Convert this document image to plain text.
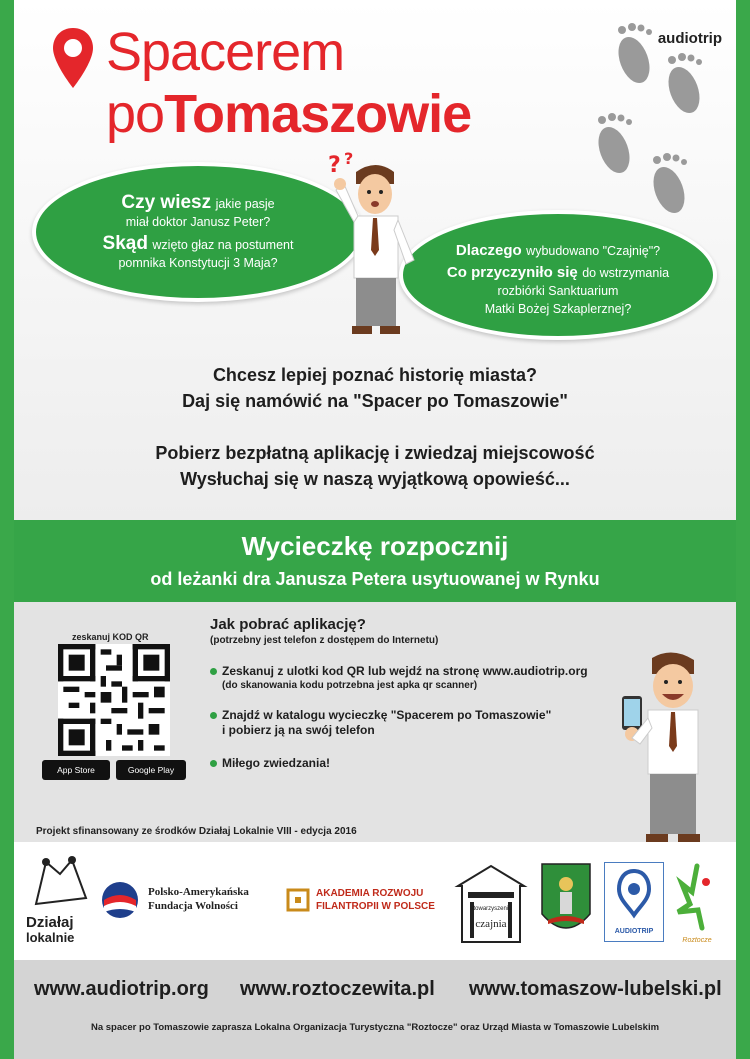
Spacerem
poTomaszowie
audiotrip

Czy wiesz jakie pasje

miał doktor Janusz Peter?

Skąd wzięto głaz na postument

pomnika Konstytucji 3 Maja?

Dlaczego wybudowano "Czajnię"?

Co przyczyniło się do wstrzymania

rozbiórki Sanktuarium

Matki Bożej Szkaplerznej?

? ?
Chcesz lepiej poznać historię miasta?
Daj się namówić na "Spacer po Tomaszowie"
Pobierz bezpłatną aplikację i zwiedzaj miejscowość
Wysłuchaj się w naszą wyjątkową opowieść...
Wycieczkę rozpocznij
od leżanki dra Janusza Petera usytuowanej w Rynku
zeskanuj KOD QR
App Store	Google Play
Jak pobrać aplikację?
(potrzebny jest telefon z dostępem do Internetu)
Zeskanuj z ulotki kod QR lub wejdź na stronę www.audiotrip.org
(do skanowania kodu potrzebna jest apka qr scanner)
Znajdź w katalogu wycieczkę "Spacerem po Tomaszowie"
i pobierz ją na swój telefon
Miłego zwiedzania!
Projekt sfinansowany ze środków Działaj Lokalnie VIII - edycja 2016
Działaj
lokalnie
Polsko-Amerykańska
Fundacja Wolności
AKADEMIA ROZWOJU
FILANTROPII W POLSCE	stowarzyszenie
czajnia
AUDIOTRIP
Roztocze
www.audiotrip.org www.roztoczewita.pl www.tomaszow-lubelski.pl
Na spacer po Tomaszowie zaprasza Lokalna Organizacja Turystyczna "Roztocze" oraz Urząd Miasta w Tomaszowie Lubelskim
